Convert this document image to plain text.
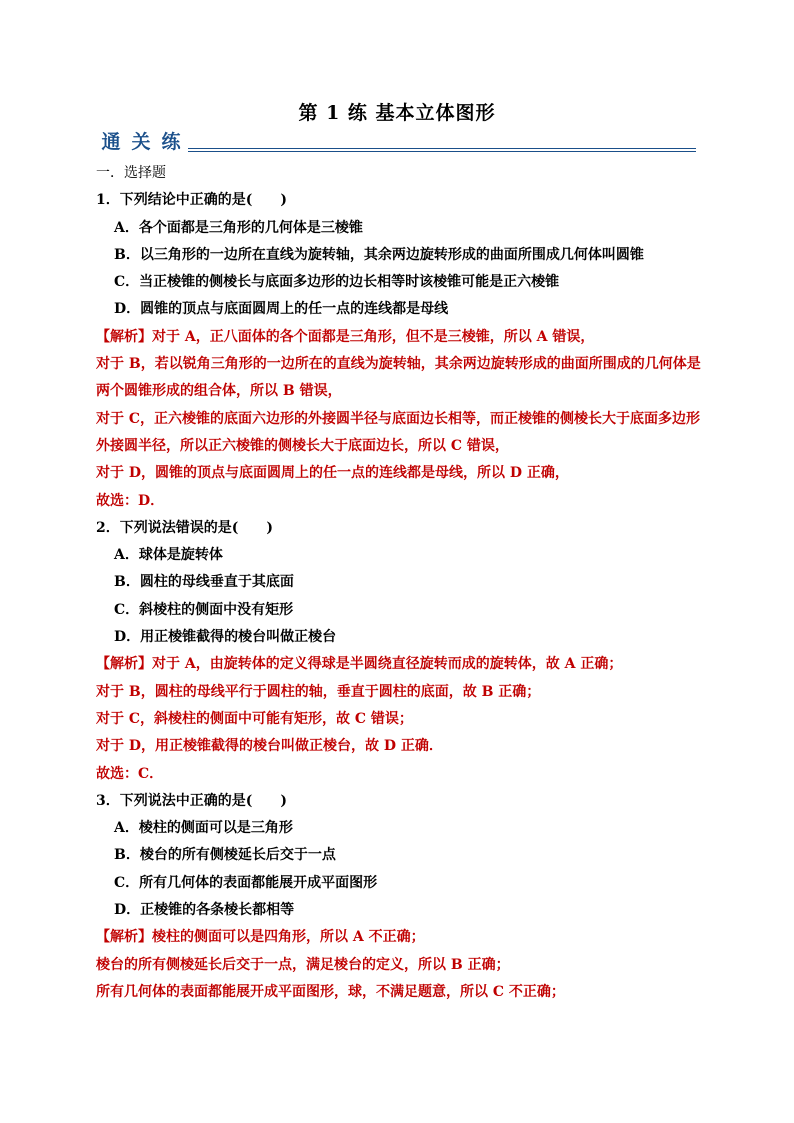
第 1 练 基本立体图形
通 关 练
一．选择题
1．下列结论中正确的是(　　)
A．各个面都是三角形的几何体是三棱锥
B．以三角形的一边所在直线为旋转轴，其余两边旋转形成的曲面所围成几何体叫圆锥
C．当正棱锥的侧棱长与底面多边形的边长相等时该棱锥可能是正六棱锥
D．圆锥的顶点与底面圆周上的任一点的连线都是母线
【解析】对于 A，正八面体的各个面都是三角形，但不是三棱锥，所以 A 错误，
对于 B，若以锐角三角形的一边所在的直线为旋转轴，其余两边旋转形成的曲面所围成的几何体是
两个圆锥形成的组合体，所以 B 错误，
对于 C，正六棱锥的底面六边形的外接圆半径与底面边长相等，而正棱锥的侧棱长大于底面多边形
外接圆半径，所以正六棱锥的侧棱长大于底面边长，所以 C 错误，
对于 D，圆锥的顶点与底面圆周上的任一点的连线都是母线，所以 D 正确，
故选：D．
2．下列说法错误的是(　　)
A．球体是旋转体
B．圆柱的母线垂直于其底面
C．斜棱柱的侧面中没有矩形
D．用正棱锥截得的棱台叫做正棱台
【解析】对于 A，由旋转体的定义得球是半圆绕直径旋转而成的旋转体，故 A 正确；
对于 B，圆柱的母线平行于圆柱的轴，垂直于圆柱的底面，故 B 正确；
对于 C，斜棱柱的侧面中可能有矩形，故 C 错误；
对于 D，用正棱锥截得的棱台叫做正棱台，故 D 正确．
故选：C．
3．下列说法中正确的是(　　)
A．棱柱的侧面可以是三角形
B．棱台的所有侧棱延长后交于一点
C．所有几何体的表面都能展开成平面图形
D．正棱锥的各条棱长都相等
【解析】棱柱的侧面可以是四角形，所以 A 不正确；
棱台的所有侧棱延长后交于一点，满足棱台的定义，所以 B 正确；
所有几何体的表面都能展开成平面图形，球，不满足题意，所以 C 不正确；
